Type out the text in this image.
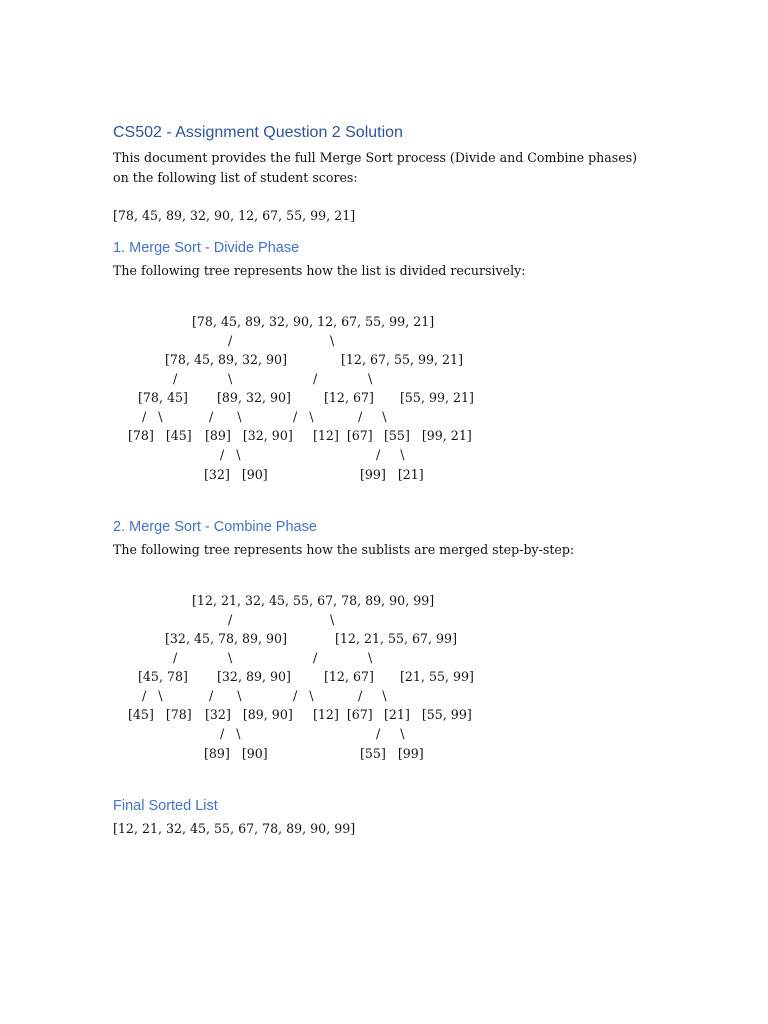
CS502 - Assignment Question 2 Solution
This document provides the full Merge Sort process (Divide and Combine phases) on the following list of student scores:
[78, 45, 89, 32, 90, 12, 67, 55, 99, 21]
1. Merge Sort - Divide Phase
The following tree represents how the list is divided recursively:
[78, 45, 89, 32, 90, 12, 67, 55, 99, 21]
/	\
[78, 45, 89, 32, 90]	[12, 67, 55, 99, 21]
/	\	/	\
[78, 45] [89, 32, 90]	[12, 67] [55, 99, 21]
/   \	/      \	/   \	/     \
[78]   [45] [89]   [32, 90] [12]  [67] [55]   [99, 21]
/   \	/     \
[32]   [90]	[99]   [21]
2. Merge Sort - Combine Phase
The following tree represents how the sublists are merged step-by-step:
[12, 21, 32, 45, 55, 67, 78, 89, 90, 99]
/	\
[32, 45, 78, 89, 90]	[12, 21, 55, 67, 99]
/	\	/	\
[45, 78] [32, 89, 90]	[12, 67] [21, 55, 99]
/   \	/      \	/   \	/     \
[45]   [78] [32]   [89, 90] [12]  [67] [21]   [55, 99]
/   \	/     \
[89]   [90]	[55]   [99]
Final Sorted List
[12, 21, 32, 45, 55, 67, 78, 89, 90, 99]
